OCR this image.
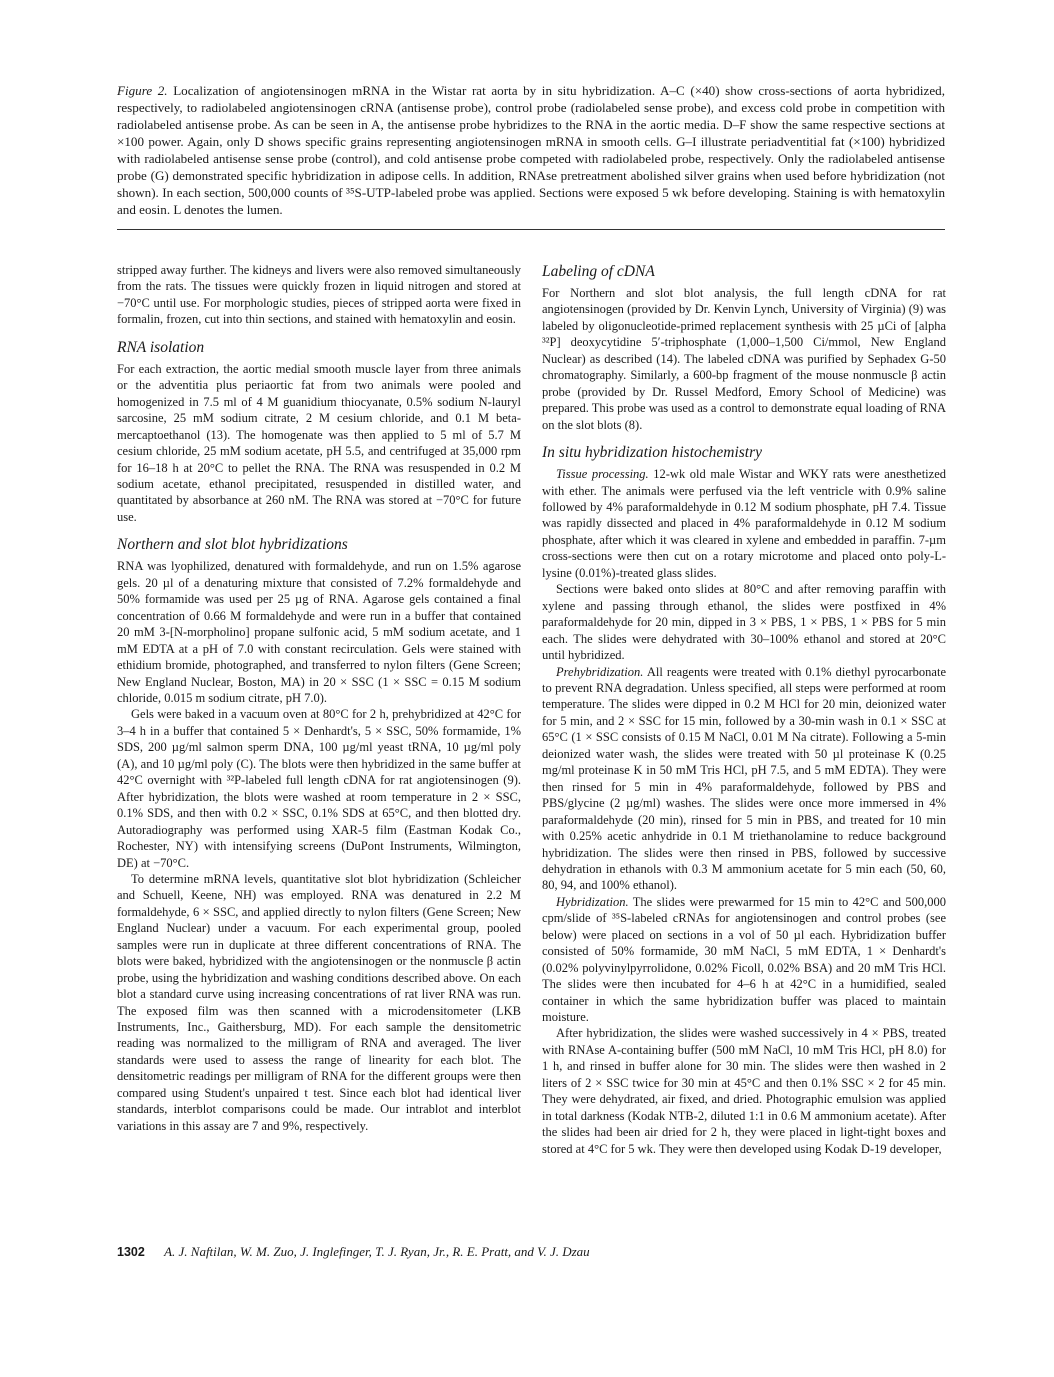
Figure 2. Localization of angiotensinogen mRNA in the Wistar rat aorta by in situ hybridization. A–C (×40) show cross-sections of aorta hybridized, respectively, to radiolabeled angiotensinogen cRNA (antisense probe), control probe (radiolabeled sense probe), and excess cold probe in competition with radiolabeled antisense probe. As can be seen in A, the antisense probe hybridizes to the RNA in the aortic media. D–F show the same respective sections at ×100 power. Again, only D shows specific grains representing angiotensinogen mRNA in smooth cells. G–I illustrate periadventitial fat (×100) hybridized with radiolabeled antisense sense probe (control), and cold antisense probe competed with radiolabeled probe, respectively. Only the radiolabeled antisense probe (G) demonstrated specific hybridization in adipose cells. In addition, RNAse pretreatment abolished silver grains when used before hybridization (not shown). In each section, 500,000 counts of ³⁵S-UTP-labeled probe was applied. Sections were exposed 5 wk before developing. Staining is with hematoxylin and eosin. L denotes the lumen.

stripped away further. The kidneys and livers were also removed simultaneously from the rats. The tissues were quickly frozen in liquid nitrogen and stored at −70°C until use. For morphologic studies, pieces of stripped aorta were fixed in formalin, frozen, cut into thin sections, and stained with hematoxylin and eosin.

RNA isolation

For each extraction, the aortic medial smooth muscle layer from three animals or the adventitia plus periaortic fat from two animals were pooled and homogenized in 7.5 ml of 4 M guanidium thiocyanate, 0.5% sodium N-lauryl sarcosine, 25 mM sodium citrate, 2 M cesium chloride, and 0.1 M beta-mercaptoethanol (13). The homogenate was then applied to 5 ml of 5.7 M cesium chloride, 25 mM sodium acetate, pH 5.5, and centrifuged at 35,000 rpm for 16–18 h at 20°C to pellet the RNA. The RNA was resuspended in 0.2 M sodium acetate, ethanol precipitated, resuspended in distilled water, and quantitated by absorbance at 260 nM. The RNA was stored at −70°C for future use.

Northern and slot blot hybridizations

RNA was lyophilized, denatured with formaldehyde, and run on 1.5% agarose gels. 20 µl of a denaturing mixture that consisted of 7.2% formaldehyde and 50% formamide was used per 25 µg of RNA. Agarose gels contained a final concentration of 0.66 M formaldehyde and were run in a buffer that contained 20 mM 3-[N-morpholino] propane sulfonic acid, 5 mM sodium acetate, and 1 mM EDTA at a pH of 7.0 with constant recirculation. Gels were stained with ethidium bromide, photographed, and transferred to nylon filters (Gene Screen; New England Nuclear, Boston, MA) in 20 × SSC (1 × SSC = 0.15 M sodium chloride, 0.015 m sodium citrate, pH 7.0).

Gels were baked in a vacuum oven at 80°C for 2 h, prehybridized at 42°C for 3–4 h in a buffer that contained 5 × Denhardt's, 5 × SSC, 50% formamide, 1% SDS, 200 µg/ml salmon sperm DNA, 100 µg/ml yeast tRNA, 10 µg/ml poly (A), and 10 µg/ml poly (C). The blots were then hybridized in the same buffer at 42°C overnight with ³²P-labeled full length cDNA for rat angiotensinogen (9). After hybridization, the blots were washed at room temperature in 2 × SSC, 0.1% SDS, and then with 0.2 × SSC, 0.1% SDS at 65°C, and then blotted dry. Autoradiography was performed using XAR-5 film (Eastman Kodak Co., Rochester, NY) with intensifying screens (DuPont Instruments, Wilmington, DE) at −70°C.

To determine mRNA levels, quantitative slot blot hybridization (Schleicher and Schuell, Keene, NH) was employed. RNA was denatured in 2.2 M formaldehyde, 6 × SSC, and applied directly to nylon filters (Gene Screen; New England Nuclear) under a vacuum. For each experimental group, pooled samples were run in duplicate at three different concentrations of RNA. The blots were baked, hybridized with the angiotensinogen or the nonmuscle β actin probe, using the hybridization and washing conditions described above. On each blot a standard curve using increasing concentrations of rat liver RNA was run. The exposed film was then scanned with a microdensitometer (LKB Instruments, Inc., Gaithersburg, MD). For each sample the densitometric reading was normalized to the milligram of RNA and averaged. The liver standards were used to assess the range of linearity for each blot. The densitometric readings per milligram of RNA for the different groups were then compared using Student's unpaired t test. Since each blot had identical liver standards, interblot comparisons could be made. Our intrablot and interblot variations in this assay are 7 and 9%, respectively.

Labeling of cDNA

For Northern and slot blot analysis, the full length cDNA for rat angiotensinogen (provided by Dr. Kenvin Lynch, University of Virginia) (9) was labeled by oligonucleotide-primed replacement synthesis with 25 µCi of [alpha ³²P] deoxycytidine 5′-triphosphate (1,000–1,500 Ci/mmol, New England Nuclear) as described (14). The labeled cDNA was purified by Sephadex G-50 chromatography. Similarly, a 600-bp fragment of the mouse nonmuscle β actin probe (provided by Dr. Russel Medford, Emory School of Medicine) was prepared. This probe was used as a control to demonstrate equal loading of RNA on the slot blots (8).

In situ hybridization histochemistry

Tissue processing. 12-wk old male Wistar and WKY rats were anesthetized with ether. The animals were perfused via the left ventricle with 0.9% saline followed by 4% paraformaldehyde in 0.12 M sodium phosphate, pH 7.4. Tissue was rapidly dissected and placed in 4% paraformaldehyde in 0.12 M sodium phosphate, after which it was cleared in xylene and embedded in paraffin. 7-µm cross-sections were then cut on a rotary microtome and placed onto poly-L-lysine (0.01%)-treated glass slides.

Sections were baked onto slides at 80°C and after removing paraffin with xylene and passing through ethanol, the slides were postfixed in 4% paraformaldehyde for 20 min, dipped in 3 × PBS, 1 × PBS, 1 × PBS for 5 min each. The slides were dehydrated with 30–100% ethanol and stored at 20°C until hybridized.

Prehybridization. All reagents were treated with 0.1% diethyl pyrocarbonate to prevent RNA degradation. Unless specified, all steps were performed at room temperature. The slides were dipped in 0.2 M HCl for 20 min, deionized water for 5 min, and 2 × SSC for 15 min, followed by a 30-min wash in 0.1 × SSC at 65°C (1 × SSC consists of 0.15 M NaCl, 0.01 M Na citrate). Following a 5-min deionized water wash, the slides were treated with 50 µl proteinase K (0.25 mg/ml proteinase K in 50 mM Tris HCl, pH 7.5, and 5 mM EDTA). They were then rinsed for 5 min in 4% paraformaldehyde, followed by PBS and PBS/glycine (2 µg/ml) washes. The slides were once more immersed in 4% paraformaldehyde (20 min), rinsed for 5 min in PBS, and treated for 10 min with 0.25% acetic anhydride in 0.1 M triethanolamine to reduce background hybridization. The slides were then rinsed in PBS, followed by successive dehydration in ethanols with 0.3 M ammonium acetate for 5 min each (50, 60, 80, 94, and 100% ethanol).

Hybridization. The slides were prewarmed for 15 min to 42°C and 500,000 cpm/slide of ³⁵S-labeled cRNAs for angiotensinogen and control probes (see below) were placed on sections in a vol of 50 µl each. Hybridization buffer consisted of 50% formamide, 30 mM NaCl, 5 mM EDTA, 1 × Denhardt's (0.02% polyvinylpyrrolidone, 0.02% Ficoll, 0.02% BSA) and 20 mM Tris HCl. The slides were then incubated for 4–6 h at 42°C in a humidified, sealed container in which the same hybridization buffer was placed to maintain moisture.

After hybridization, the slides were washed successively in 4 × PBS, treated with RNAse A-containing buffer (500 mM NaCl, 10 mM Tris HCl, pH 8.0) for 1 h, and rinsed in buffer alone for 30 min. The slides were then washed in 2 liters of 2 × SSC twice for 30 min at 45°C and then 0.1% SSC × 2 for 45 min. They were dehydrated, air fixed, and dried. Photographic emulsion was applied in total darkness (Kodak NTB-2, diluted 1:1 in 0.6 M ammonium acetate). After the slides had been air dried for 2 h, they were placed in light-tight boxes and stored at 4°C for 5 wk. They were then developed using Kodak D-19 developer,

1302 A. J. Naftilan, W. M. Zuo, J. Inglefinger, T. J. Ryan, Jr., R. E. Pratt, and V. J. Dzau
